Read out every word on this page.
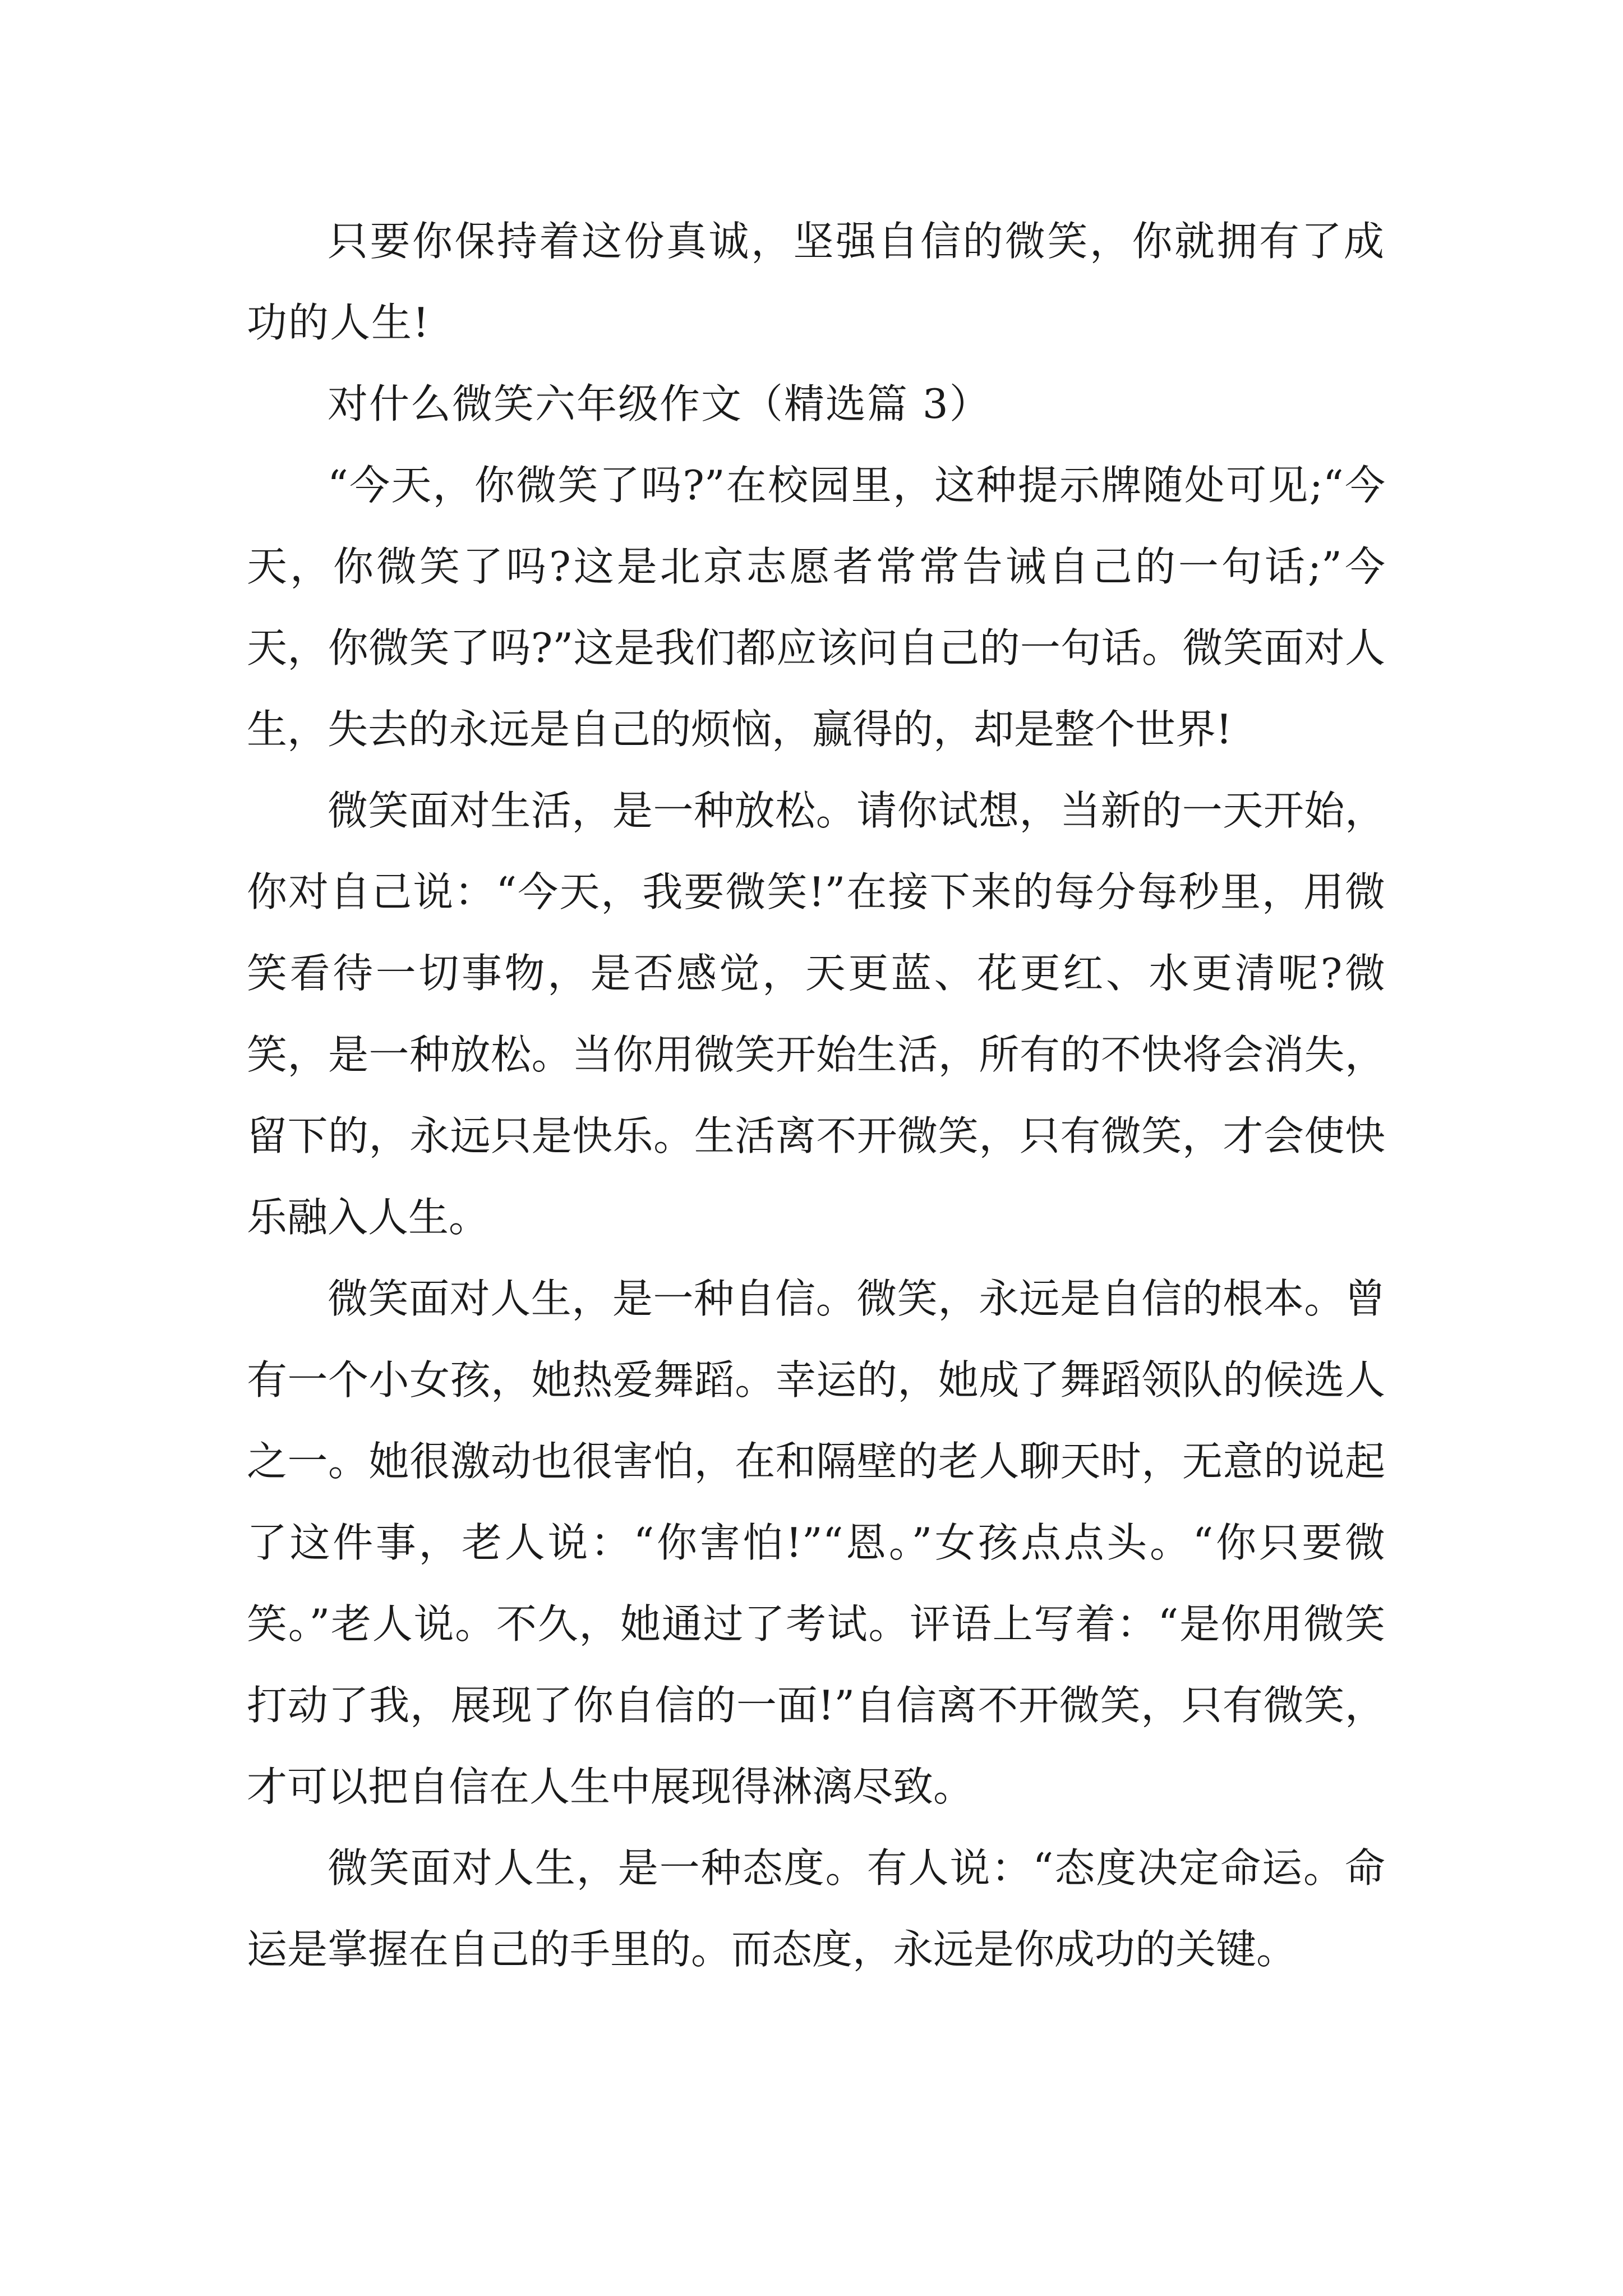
只要你保持着这份真诚，坚强自信的微笑，你就拥有了成功的人生!

对什么微笑六年级作文（精选篇 3）

“今天，你微笑了吗?”在校园里，这种提示牌随处可见;“今天，你微笑了吗?这是北京志愿者常常告诫自己的一句话;”今天，你微笑了吗?”这是我们都应该问自己的一句话。微笑面对人生，失去的永远是自己的烦恼，赢得的，却是整个世界!

微笑面对生活，是一种放松。请你试想，当新的一天开始，你对自己说：“今天，我要微笑!”在接下来的每分每秒里，用微笑看待一切事物，是否感觉，天更蓝、花更红、水更清呢?微笑，是一种放松。当你用微笑开始生活，所有的不快将会消失，留下的，永远只是快乐。生活离不开微笑，只有微笑，才会使快乐融入人生。

微笑面对人生，是一种自信。微笑，永远是自信的根本。曾有一个小女孩，她热爱舞蹈。幸运的，她成了舞蹈领队的候选人之一。她很激动也很害怕，在和隔壁的老人聊天时，无意的说起了这件事，老人说：“你害怕!”“恩。”女孩点点头。“你只要微笑。”老人说。不久，她通过了考试。评语上写着：“是你用微笑打动了我，展现了你自信的一面!”自信离不开微笑，只有微笑，才可以把自信在人生中展现得淋漓尽致。

微笑面对人生，是一种态度。有人说：“态度决定命运。命运是掌握在自己的手里的。而态度，永远是你成功的关键。
